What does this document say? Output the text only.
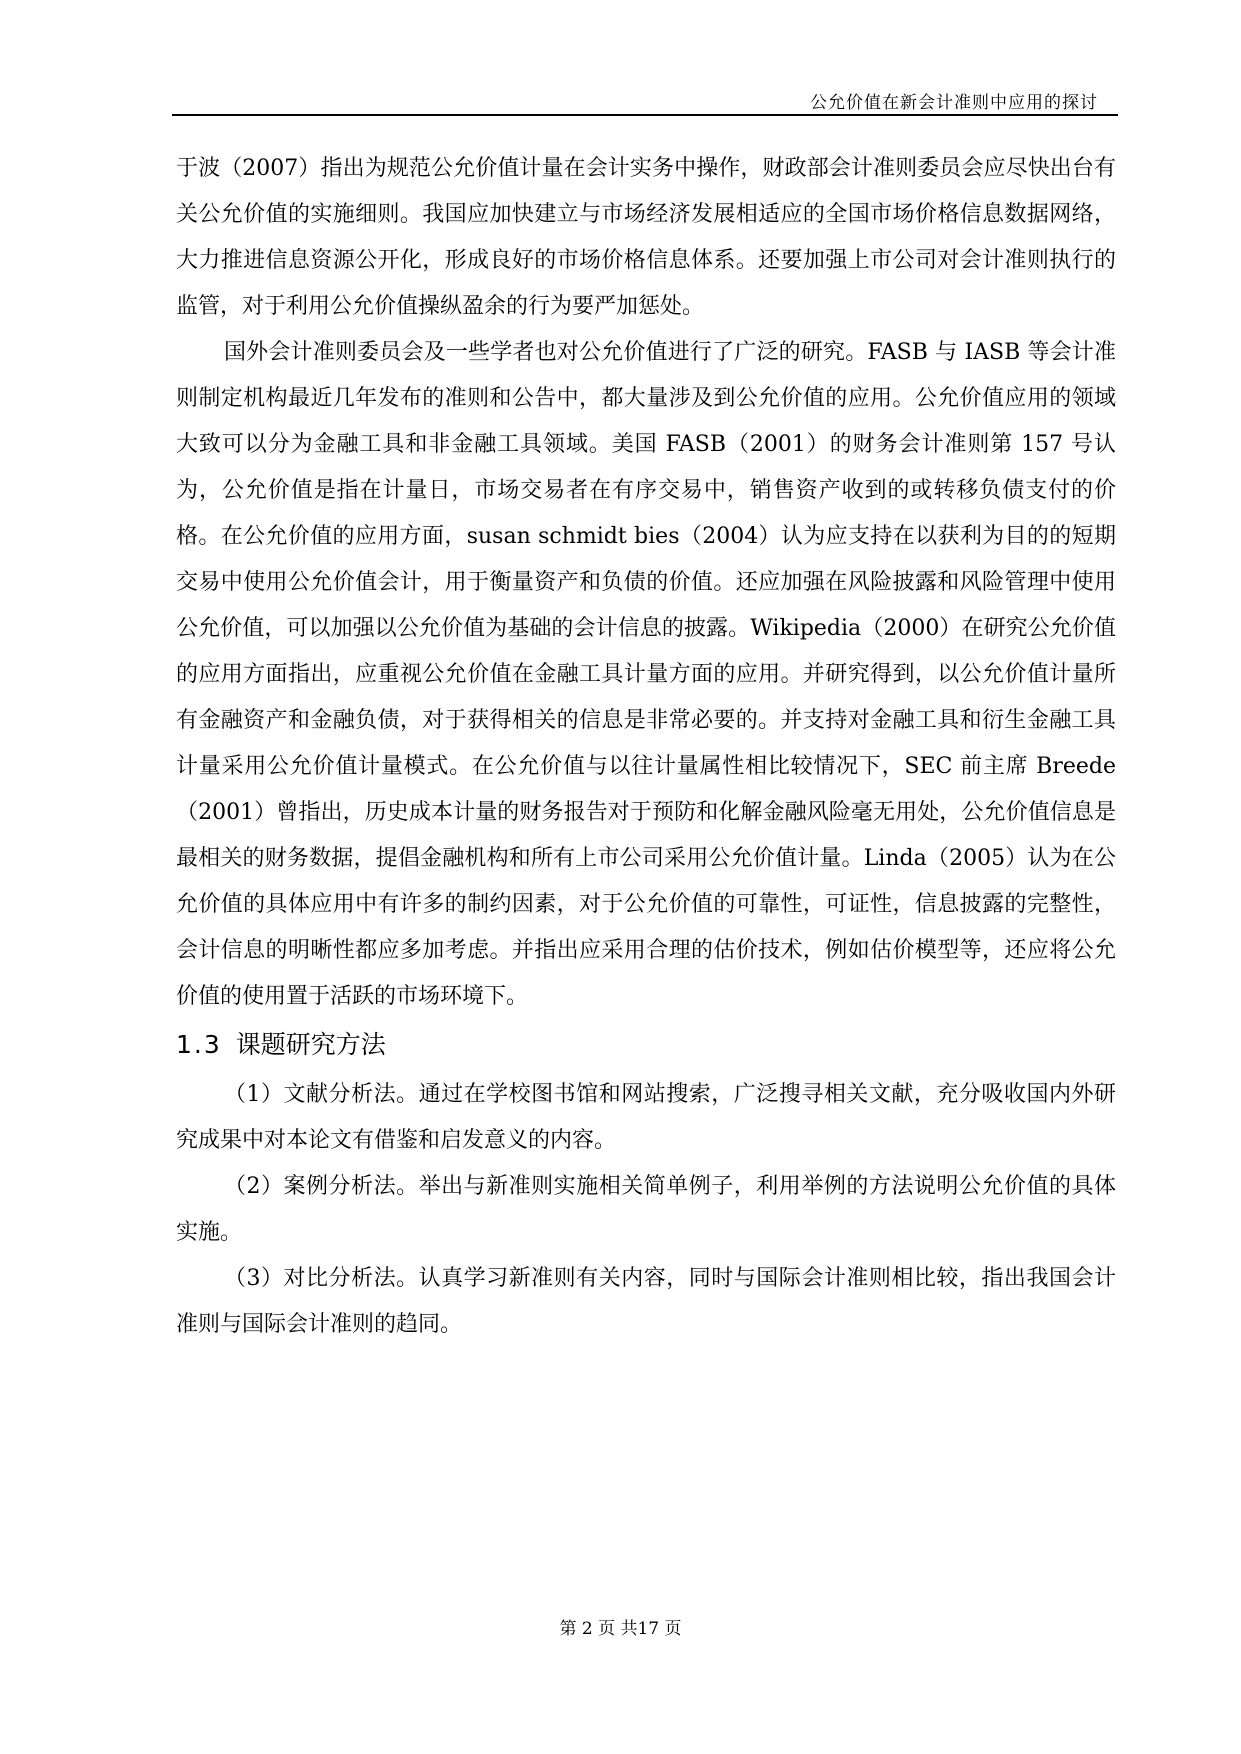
公允价值在新会计准则中应用的探讨

于波（2007）指出为规范公允价值计量在会计实务中操作，财政部会计准则委员会应尽快出台有关公允价值的实施细则。我国应加快建立与市场经济发展相适应的全国市场价格信息数据网络，大力推进信息资源公开化，形成良好的市场价格信息体系。还要加强上市公司对会计准则执行的监管，对于利用公允价值操纵盈余的行为要严加惩处。

国外会计准则委员会及一些学者也对公允价值进行了广泛的研究。FASB 与 IASB 等会计准则制定机构最近几年发布的准则和公告中，都大量涉及到公允价值的应用。公允价值应用的领域大致可以分为金融工具和非金融工具领域。美国 FASB（2001）的财务会计准则第 157 号认为，公允价值是指在计量日，市场交易者在有序交易中，销售资产收到的或转移负债支付的价格。在公允价值的应用方面，susan schmidt bies（2004）认为应支持在以获利为目的的短期交易中使用公允价值会计，用于衡量资产和负债的价值。还应加强在风险披露和风险管理中使用公允价值，可以加强以公允价值为基础的会计信息的披露。Wikipedia（2000）在研究公允价值的应用方面指出，应重视公允价值在金融工具计量方面的应用。并研究得到，以公允价值计量所有金融资产和金融负债，对于获得相关的信息是非常必要的。并支持对金融工具和衍生金融工具计量采用公允价值计量模式。在公允价值与以往计量属性相比较情况下，SEC 前主席 Breede（2001）曾指出，历史成本计量的财务报告对于预防和化解金融风险毫无用处，公允价值信息是最相关的财务数据，提倡金融机构和所有上市公司采用公允价值计量。Linda（2005）认为在公允价值的具体应用中有许多的制约因素，对于公允价值的可靠性，可证性，信息披露的完整性，会计信息的明晰性都应多加考虑。并指出应采用合理的估价技术，例如估价模型等，还应将公允价值的使用置于活跃的市场环境下。

1.3 课题研究方法

（1）文献分析法。通过在学校图书馆和网站搜索，广泛搜寻相关文献，充分吸收国内外研究成果中对本论文有借鉴和启发意义的内容。

（2）案例分析法。举出与新准则实施相关简单例子，利用举例的方法说明公允价值的具体实施。

（3）对比分析法。认真学习新准则有关内容，同时与国际会计准则相比较，指出我国会计准则与国际会计准则的趋同。

第 2 页 共17 页
